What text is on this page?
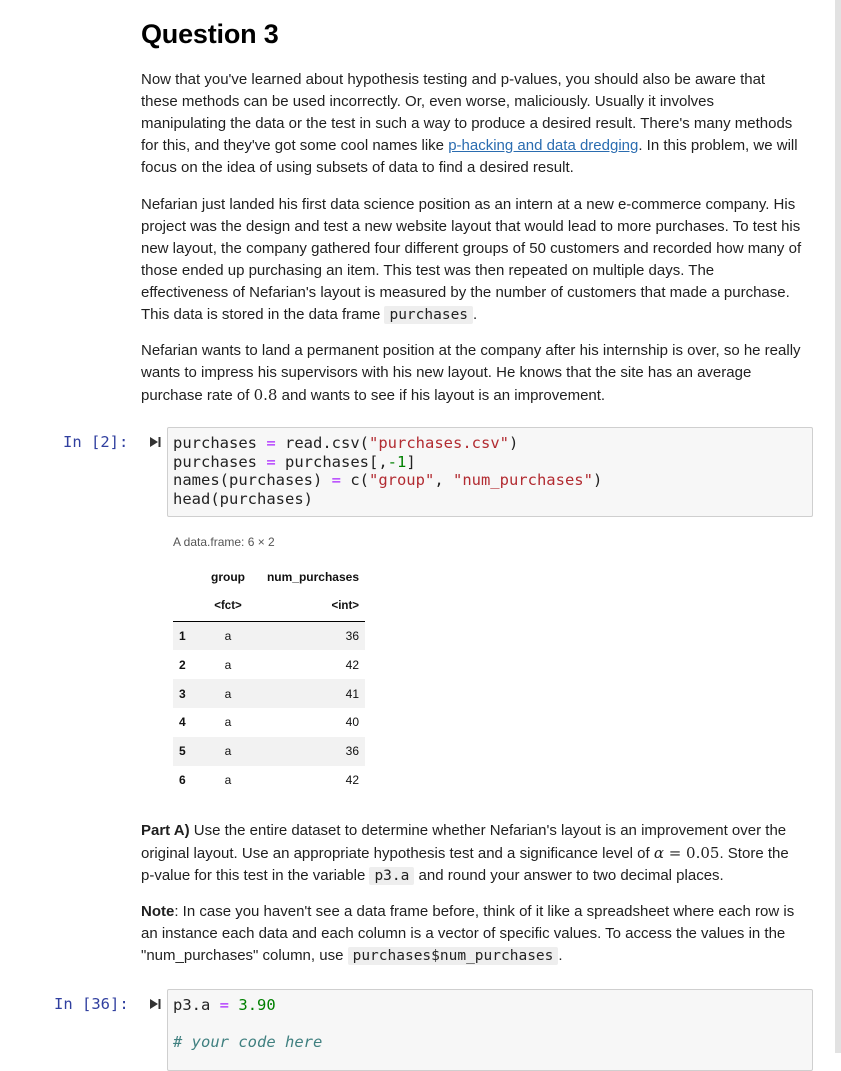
Question 3

Now that you've learned about hypothesis testing and p-values, you should also be aware that these methods can be used incorrectly. Or, even worse, maliciously. Usually it involves manipulating the data or the test in such a way to produce a desired result. There's many methods for this, and they've got some cool names like p-hacking and data dredging. In this problem, we will focus on the idea of using subsets of data to find a desired result.

Nefarian just landed his first data science position as an intern at a new e-commerce company. His project was the design and test a new website layout that would lead to more purchases. To test his new layout, the company gathered four different groups of 50 customers and recorded how many of those ended up purchasing an item. This test was then repeated on multiple days. The effectiveness of Nefarian's layout is measured by the number of customers that made a purchase. This data is stored in the data frame purchases .

Nefarian wants to land a permanent position at the company after his internship is over, so he really wants to impress his supervisors with his new layout. He knows that the site has an average purchase rate of 0.8 and wants to see if his layout is an improvement.

In [2]:	purchases = read.csv("purchases.csv")
purchases = purchases[,-1]
names(purchases) = c("group", "num_purchases")
head(purchases)
A data.frame: 6 × 2
	group	num_purchases
	<fct>	<int>
1	a	36
2	a	42
3	a	41
4	a	40
5	a	36
6	a	42

Part A) Use the entire dataset to determine whether Nefarian's layout is an improvement over the original layout. Use an appropriate hypothesis test and a significance level of α = 0.05. Store the p-value for this test in the variable p3.a and round your answer to two decimal places.

Note: In case you haven't see a data frame before, think of it like a spreadsheet where each row is an instance each data and each column is a vector of specific values. To access the values in the "num_purchases" column, use purchases$num_purchases .

In [36]:	p3.a = 3.90
# your code here
